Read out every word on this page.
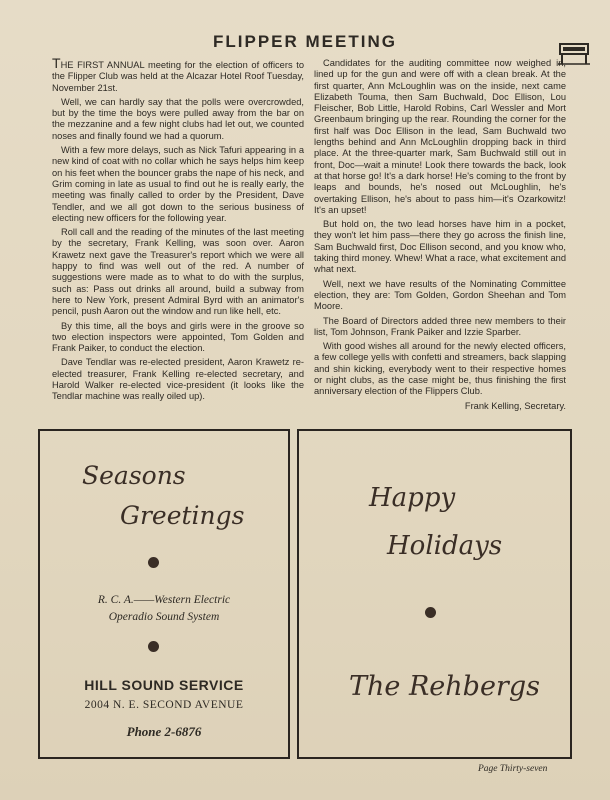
FLIPPER MEETING

THE FIRST ANNUAL meeting for the election of officers to the Flipper Club was held at the Alcazar Hotel Roof Tuesday, November 21st.

Well, we can hardly say that the polls were overcrowded, but by the time the boys were pulled away from the bar on the mezzanine and a few night clubs had let out, we counted noses and finally found we had a quorum.

With a few more delays, such as Nick Tafuri appearing in a new kind of coat with no collar which he says helps him keep on his feet when the bouncer grabs the nape of his neck, and Grim coming in late as usual to find out he is really early, the meeting was finally called to order by the President, Dave Tendler, and we all got down to the serious business of electing new officers for the following year.

Roll call and the reading of the minutes of the last meeting by the secretary, Frank Kelling, was soon over. Aaron Krawetz next gave the Treasurer's report which we were all happy to find was well out of the red. A number of suggestions were made as to what to do with the surplus, such as: Pass out drinks all around, build a subway from here to New York, present Admiral Byrd with an animator's pencil, push Aaron out the window and run like hell, etc.

By this time, all the boys and girls were in the groove so two election inspectors were appointed, Tom Golden and Frank Paiker, to conduct the election.

Dave Tendlar was re-elected president, Aaron Krawetz re-elected treasurer, Frank Kelling re-elected secretary, and Harold Walker re-elected vice-president (it looks like the Tendlar machine was really oiled up).

Candidates for the auditing committee now weighed in, lined up for the gun and were off with a clean break. At the first quarter, Ann McLoughlin was on the inside, next came Elizabeth Touma, then Sam Buchwald, Doc Ellison, Lou Fleischer, Bob Little, Harold Robins, Carl Wessler and Mort Greenbaum bringing up the rear. Rounding the corner for the first half was Doc Ellison in the lead, Sam Buchwald two lengths behind and Ann McLoughlin dropping back in third place. At the three-quarter mark, Sam Buchwald still out in front, Doc—wait a minute! Look there towards the back, look at that horse go! It's a dark horse! He's coming to the front by leaps and bounds, he's nosed out McLoughlin, he's overtaking Ellison, he's about to pass him—it's Ozarkowitz! It's an upset!

But hold on, the two lead horses have him in a pocket, they won't let him pass—there they go across the finish line, Sam Buchwald first, Doc Ellison second, and you know who, taking third money. Whew! What a race, what excitement and what next.

Well, next we have results of the Nominating Committee election, they are: Tom Golden, Gordon Sheehan and Tom Moore.

The Board of Directors added three new members to their list, Tom Johnson, Frank Paiker and Izzie Sparber.

With good wishes all around for the newly elected officers, a few college yells with confetti and streamers, back slapping and shin kicking, everybody went to their respective homes or night clubs, as the case might be, thus finishing the first anniversary election of the Flippers Club.

Frank Kelling, Secretary.

Seasons
Greetings
R. C. A.——Western Electric
Operadio Sound System
HILL SOUND SERVICE
2004 N. E. SECOND AVENUE
Phone 2-6876
Happy
Holidays
The Rehbergs
Page Thirty-seven
